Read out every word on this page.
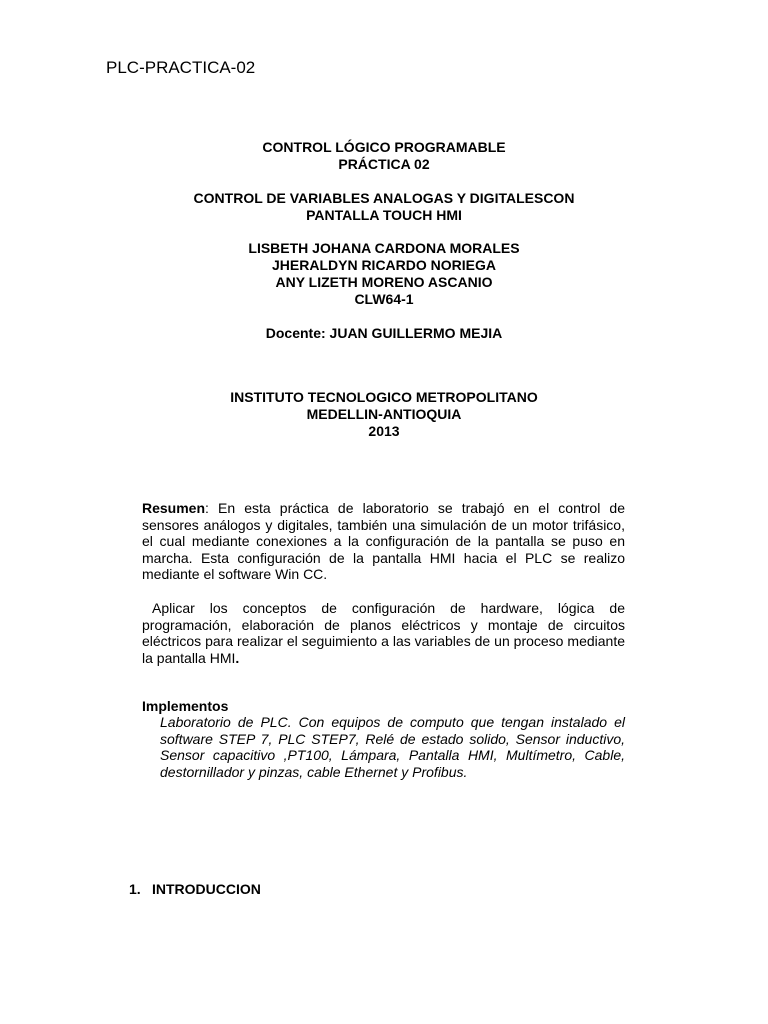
PLC-PRACTICA-02
CONTROL LÓGICO PROGRAMABLE
PRÁCTICA 02
CONTROL DE VARIABLES ANALOGAS Y DIGITALESCON
PANTALLA TOUCH HMI
LISBETH JOHANA CARDONA MORALES
JHERALDYN RICARDO NORIEGA
ANY LIZETH MORENO ASCANIO
CLW64-1
Docente: JUAN GUILLERMO MEJIA
INSTITUTO TECNOLOGICO METROPOLITANO
MEDELLIN-ANTIOQUIA
2013

Resumen: En esta práctica de laboratorio se trabajó en el control de sensores análogos y digitales, también una simulación de un motor trifásico, el cual mediante conexiones a la configuración de la pantalla se puso en marcha. Esta configuración de la pantalla HMI hacia el PLC se realizo mediante el software Win CC.

Aplicar los conceptos de configuración de hardware, lógica de programación, elaboración de planos eléctricos y montaje de circuitos eléctricos para realizar el seguimiento a las variables de un proceso mediante la pantalla HMI.

Implementos

Laboratorio de PLC. Con equipos de computo que tengan instalado el software STEP 7, PLC STEP7, Relé de estado solido, Sensor inductivo, Sensor capacitivo ,PT100, Lámpara, Pantalla HMI, Multímetro, Cable, destornillador y pinzas, cable Ethernet y Profibus.

1. INTRODUCCION
